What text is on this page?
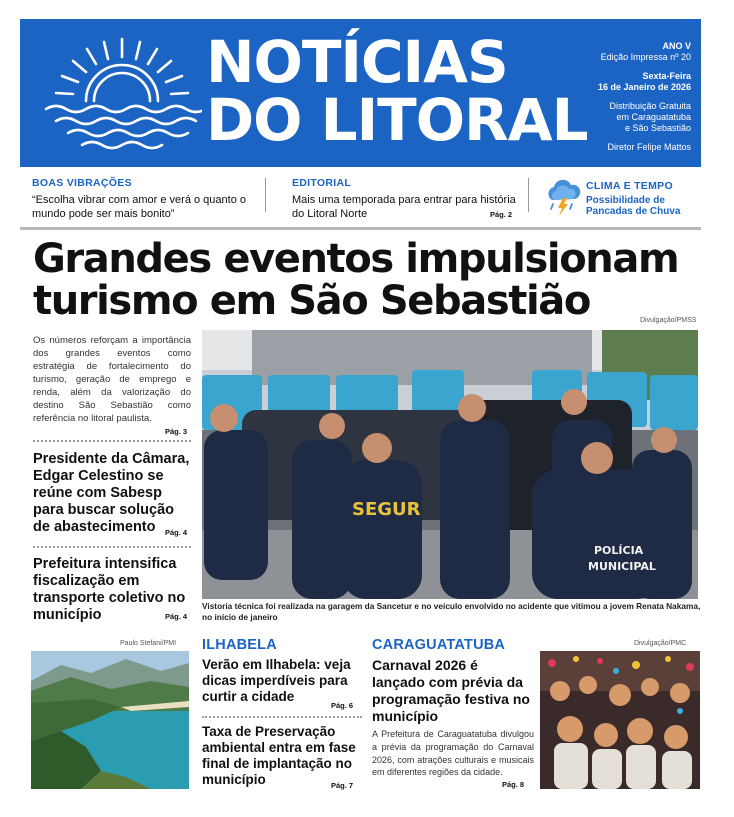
NOTÍCIAS
DO LITORAL
ANO V
Edição Impressa nº 20
Sexta-Feira
16 de Janeiro de 2026
Distribuição Gratuita
em Caraguatatuba
e São Sebastião
Diretor Felipe Mattos
BOAS VIBRAÇÕES
“Escolha vibrar com amor e verá o quanto o mundo pode ser mais bonito”
EDITORIAL
Mais uma temporada para entrar para história do Litoral Norte	Pág. 2
CLIMA E TEMPO
Possibilidade de
Pancadas de Chuva
Grandes eventos impulsionam
turismo em São Sebastião	Divulgação/PMSS
Os números reforçam a importância dos grandes eventos como estratégia de fortalecimento do turismo, geração de emprego e renda, além da valorização do destino São Sebastião como referência no litoral paulista.
Pág. 3
Presidente da Câmara, Edgar Celestino se reúne com Sabesp para buscar solução de abastecimento	Pág. 4
Prefeitura intensifica fiscalização em transporte coletivo no município	Pág. 4
SEGUR
POLÍCIA
MUNICIPAL
Vistoria técnica foi realizada na garagem da Sancetur e no veículo envolvido no acidente que vitimou a jovem Renata Nakama, no início de janeiro
Paulo Stefani/PMI ILHABELA
Verão em Ilhabela: veja dicas imperdíveis para curtir a cidade
Pág. 6
Taxa de Preservação ambiental entra em fase final de implantação no município	Pág. 7
CARAGUATATUBA
Carnaval 2026 é lançado com prévia da programação festiva no município
A Prefeitura de Caraguatatuba divulgou a prévia da programação do Carnaval 2026, com atrações culturais e musicais em diferentes regiões da cidade.
Pág. 8
Divulgação/PMC
